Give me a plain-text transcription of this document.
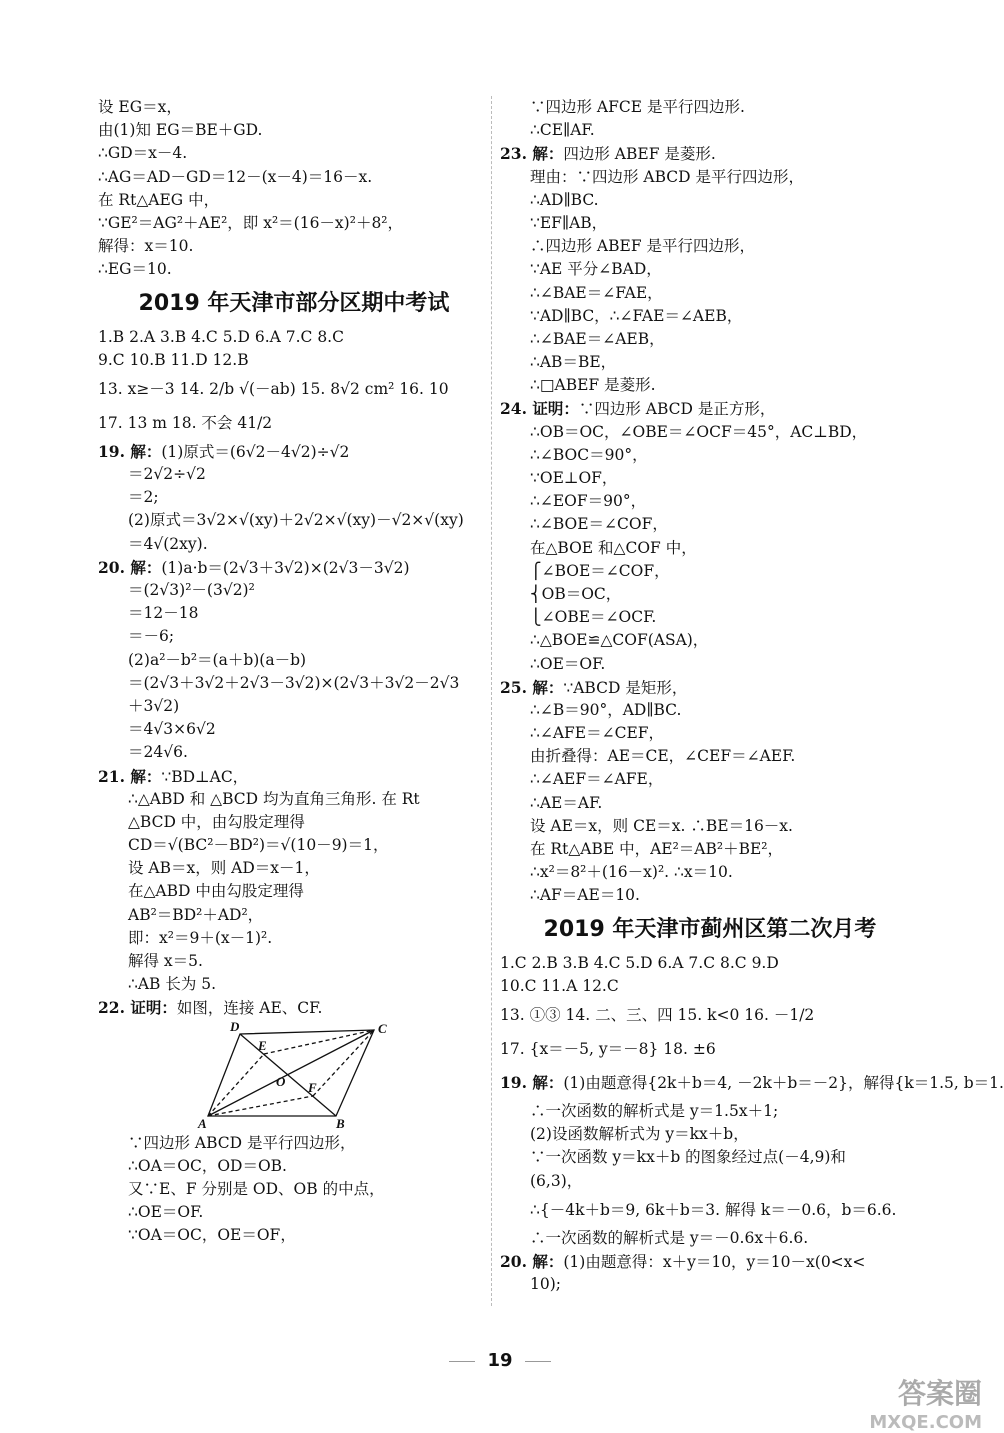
设 EG＝x，
由(1)知 EG＝BE＋GD.
∴GD＝x－4.
∴AG＝AD－GD＝12－(x－4)＝16－x.
在 Rt△AEG 中，
∵GE²＝AG²＋AE²，即 x²＝(16－x)²＋8²，
解得：x＝10.
∴EG＝10.
2019 年天津市部分区期中考试
1.B 2.A 3.B 4.C 5.D 6.A 7.C 8.C
9.C 10.B 11.D 12.B
13. x≥－3 14. 2/b √(－ab) 15. 8√2 cm² 16. 10
17. 13 m 18. 不会 41/2
19. 解：(1)原式＝(6√2－4√2)÷√2
＝2√2÷√2
＝2;
(2)原式＝3√2×√(xy)＋2√2×√(xy)－√2×√(xy)
＝4√(2xy).
20. 解：(1)a·b＝(2√3＋3√2)×(2√3－3√2)
＝(2√3)²－(3√2)²
＝12－18
＝－6;
(2)a²－b²＝(a＋b)(a－b)
＝(2√3＋3√2＋2√3－3√2)×(2√3＋3√2－2√3
＋3√2)
＝4√3×6√2
＝24√6.
21. 解：∵BD⊥AC，
∴△ABD 和 △BCD 均为直角三角形. 在 Rt
△BCD 中，由勾股定理得
CD＝√(BC²－BD²)＝√(10－9)＝1，
设 AB＝x，则 AD＝x－1，
在△ABD 中由勾股定理得
AB²＝BD²＋AD²，
即：x²＝9＋(x－1)².
解得 x＝5.
∴AB 长为 5.
22. 证明：如图，连接 AE、CF.
D	C
E
O F
A	B
∵四边形 ABCD 是平行四边形，
∴OA＝OC，OD＝OB.
又∵E、F 分别是 OD、OB 的中点，
∴OE＝OF.
∵OA＝OC，OE＝OF，
∵四边形 AFCE 是平行四边形.
∴CE∥AF.
23. 解：四边形 ABEF 是菱形.
理由：∵四边形 ABCD 是平行四边形，
∴AD∥BC.
∵EF∥AB，
∴四边形 ABEF 是平行四边形，
∵AE 平分∠BAD，
∴∠BAE＝∠FAE，
∵AD∥BC，∴∠FAE＝∠AEB，
∴∠BAE＝∠AEB，
∴AB＝BE，
∴□ABEF 是菱形.
24. 证明：∵四边形 ABCD 是正方形，
∴OB＝OC，∠OBE＝∠OCF＝45°，AC⊥BD，
∴∠BOC＝90°，
∵OE⊥OF，
∴∠EOF＝90°，
∴∠BOE＝∠COF，
在△BOE 和△COF 中，
⎧∠BOE＝∠COF，
⎨OB＝OC，
⎩∠OBE＝∠OCF.
∴△BOE≌△COF(ASA)，
∴OE＝OF.
25. 解：∵ABCD 是矩形，
∴∠B＝90°，AD∥BC.
∴∠AFE＝∠CEF，
由折叠得：AE＝CE，∠CEF＝∠AEF.
∴∠AEF＝∠AFE，
∴AE＝AF.
设 AE＝x，则 CE＝x. ∴BE＝16－x.
在 Rt△ABE 中，AE²＝AB²＋BE²，
∴x²＝8²＋(16－x)². ∴x＝10.
∴AF＝AE＝10.
2019 年天津市蓟州区第二次月考
1.C 2.B 3.B 4.C 5.D 6.A 7.C 8.C 9.D
10.C 11.A 12.C
13. ①③ 14. 二、三、四 15. k<0 16. －1/2
17. {x＝－5, y＝－8} 18. ±6
19. 解：(1)由题意得{2k＋b＝4, －2k＋b＝－2}，解得{k＝1.5, b＝1.
∴一次函数的解析式是 y＝1.5x＋1;
(2)设函数解析式为 y＝kx＋b，
∵一次函数 y＝kx＋b 的图象经过点(－4,9)和
(6,3)，
∴{－4k＋b＝9, 6k＋b＝3. 解得 k＝－0.6，b＝6.6.
∴一次函数的解析式是 y＝－0.6x＋6.6.
20. 解：(1)由题意得：x＋y＝10，y＝10－x(0<x<
10);
19
答案圈
MXQE.COM
